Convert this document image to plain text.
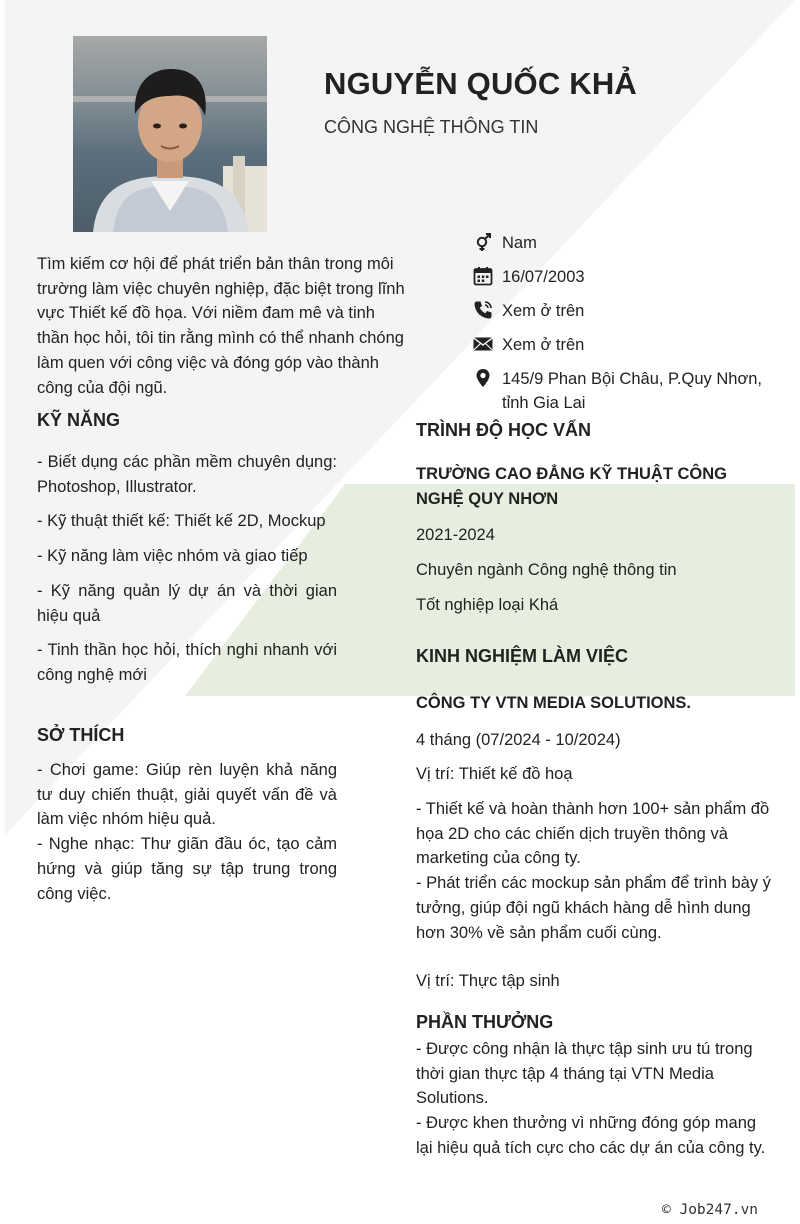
NGUYỄN QUỐC KHẢ
CÔNG NGHỆ THÔNG TIN
Tìm kiếm cơ hội để phát triển bản thân trong môi trường làm việc chuyên nghiệp, đặc biệt trong lĩnh vực Thiết kế đồ họa. Với niềm đam mê và tinh thần học hỏi, tôi tin rằng mình có thể nhanh chóng làm quen với công việc và đóng góp vào thành công của đội ngũ.
Nam
16/07/2003
Xem ở trên
Xem ở trên
145/9 Phan Bội Châu, P.Quy Nhơn, tỉnh Gia Lai
KỸ NĂNG

- Biết dụng các phần mềm chuyên dụng: Photoshop, Illustrator.

- Kỹ thuật thiết kế: Thiết kế 2D, Mockup

- Kỹ năng làm việc nhóm và giao tiếp

- Kỹ năng quản lý dự án và thời gian hiệu quả

- Tinh thần học hỏi, thích nghi nhanh với công nghệ mới

SỞ THÍCH

- Chơi game: Giúp rèn luyện khả năng tư duy chiến thuật, giải quyết vấn đề và làm việc nhóm hiệu quả.

- Nghe nhạc: Thư giãn đầu óc, tạo cảm hứng và giúp tăng sự tập trung trong công việc.

TRÌNH ĐỘ HỌC VẤN
TRƯỜNG CAO ĐẲNG KỸ THUẬT CÔNG NGHỆ QUY NHƠN
2021-2024
Chuyên ngành Công nghệ thông tin
Tốt nghiệp loại Khá
KINH NGHIỆM LÀM VIỆC
CÔNG TY VTN MEDIA SOLUTIONS.
4 tháng (07/2024 - 10/2024)
Vị trí: Thiết kế đồ hoạ
- Thiết kế và hoàn thành hơn 100+ sản phẩm đồ họa 2D cho các chiến dịch truyền thông và marketing của công ty.
- Phát triển các mockup sản phẩm để trình bày ý tưởng, giúp đội ngũ khách hàng dễ hình dung hơn 30% về sản phẩm cuối cùng.
Vị trí: Thực tập sinh
PHẦN THƯỞNG
- Được công nhận là thực tập sinh ưu tú trong thời gian thực tập 4 tháng tại VTN Media Solutions.
- Được khen thưởng vì những đóng góp mang lại hiệu quả tích cực cho các dự án của công ty.
© Job247.vn
